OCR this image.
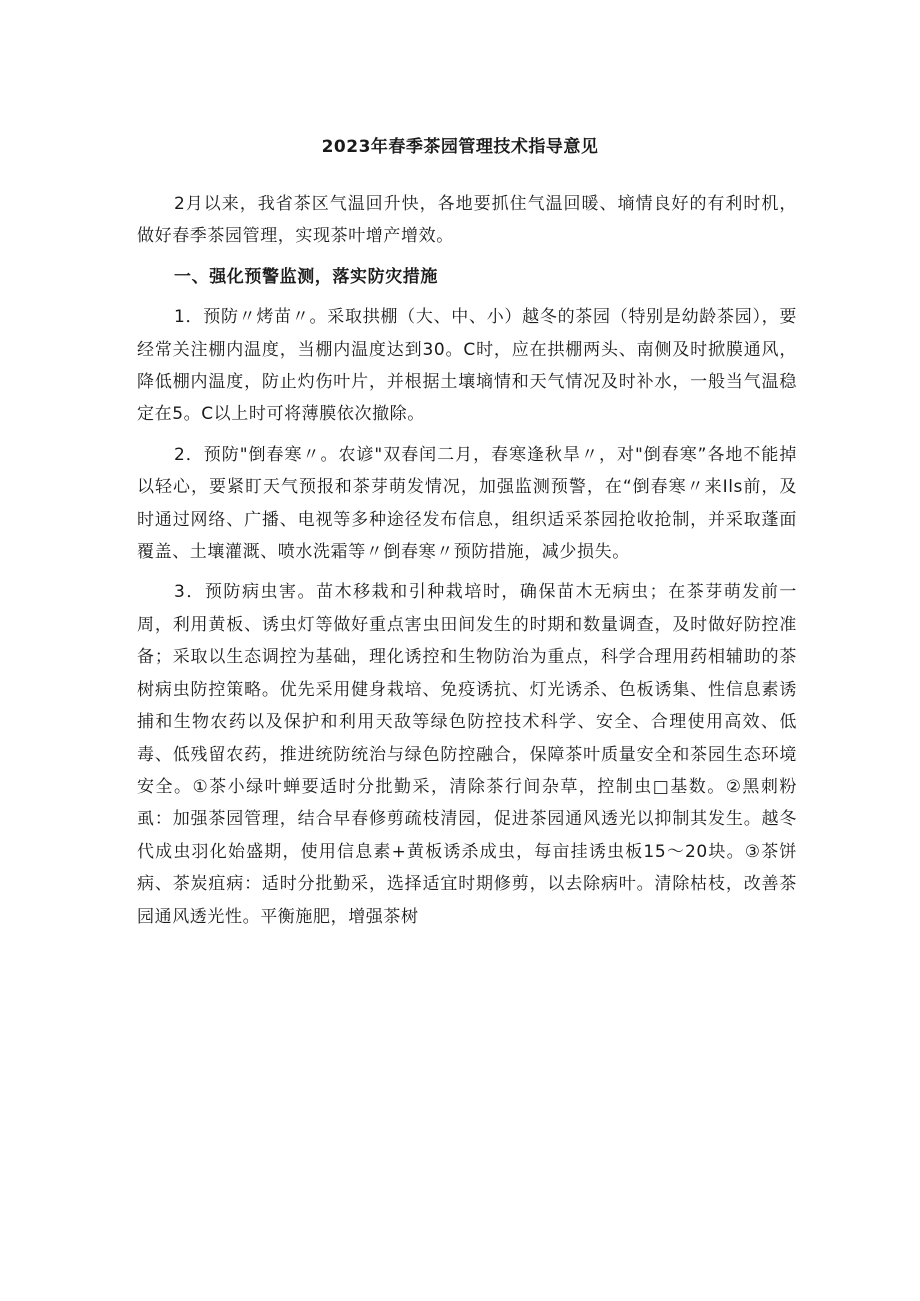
2023年春季茶园管理技术指导意见

2月以来，我省茶区气温回升快，各地要抓住气温回暖、墒情良好的有利时机，做好春季茶园管理，实现茶叶增产增效。

一、强化预警监测，落实防灾措施

1．预防〃烤苗〃。采取拱棚（大、中、小）越冬的茶园（特别是幼龄茶园），要经常关注棚内温度，当棚内温度达到30。C时，应在拱棚两头、南侧及时掀膜通风，降低棚内温度，防止灼伤叶片，并根据土壤墒情和天气情况及时补水，一般当气温稳定在5。C以上时可将薄膜依次撤除。

2．预防"倒春寒〃。农谚"双春闰二月，春寒逢秋旱〃，对"倒春寒”各地不能掉以轻心，要紧盯天气预报和茶芽萌发情况，加强监测预警，在“倒春寒〃来Ils前，及时通过网络、广播、电视等多种途径发布信息，组织适采茶园抢收抢制，并采取蓬面覆盖、土壤灌溉、喷水洗霜等〃倒春寒〃预防措施，减少损失。

3．预防病虫害。苗木移栽和引种栽培时，确保苗木无病虫；在茶芽萌发前一周，利用黄板、诱虫灯等做好重点害虫田间发生的时期和数量调查，及时做好防控准备；采取以生态调控为基础，理化诱控和生物防治为重点，科学合理用药相辅助的茶树病虫防控策略。优先采用健身栽培、免疫诱抗、灯光诱杀、色板诱集、性信息素诱捕和生物农药以及保护和利用天敌等绿色防控技术科学、安全、合理使用高效、低毒、低残留农药，推进统防统治与绿色防控融合，保障茶叶质量安全和茶园生态环境安全。①茶小绿叶蝉要适时分批勤采，清除茶行间杂草，控制虫□基数。②黑刺粉虱：加强茶园管理，结合早春修剪疏枝清园，促进茶园通风透光以抑制其发生。越冬代成虫羽化始盛期，使用信息素+黄板诱杀成虫，每亩挂诱虫板15～20块。③茶饼病、茶炭疽病：适时分批勤采，选择适宜时期修剪，以去除病叶。清除枯枝，改善茶园通风透光性。平衡施肥，增强茶树
